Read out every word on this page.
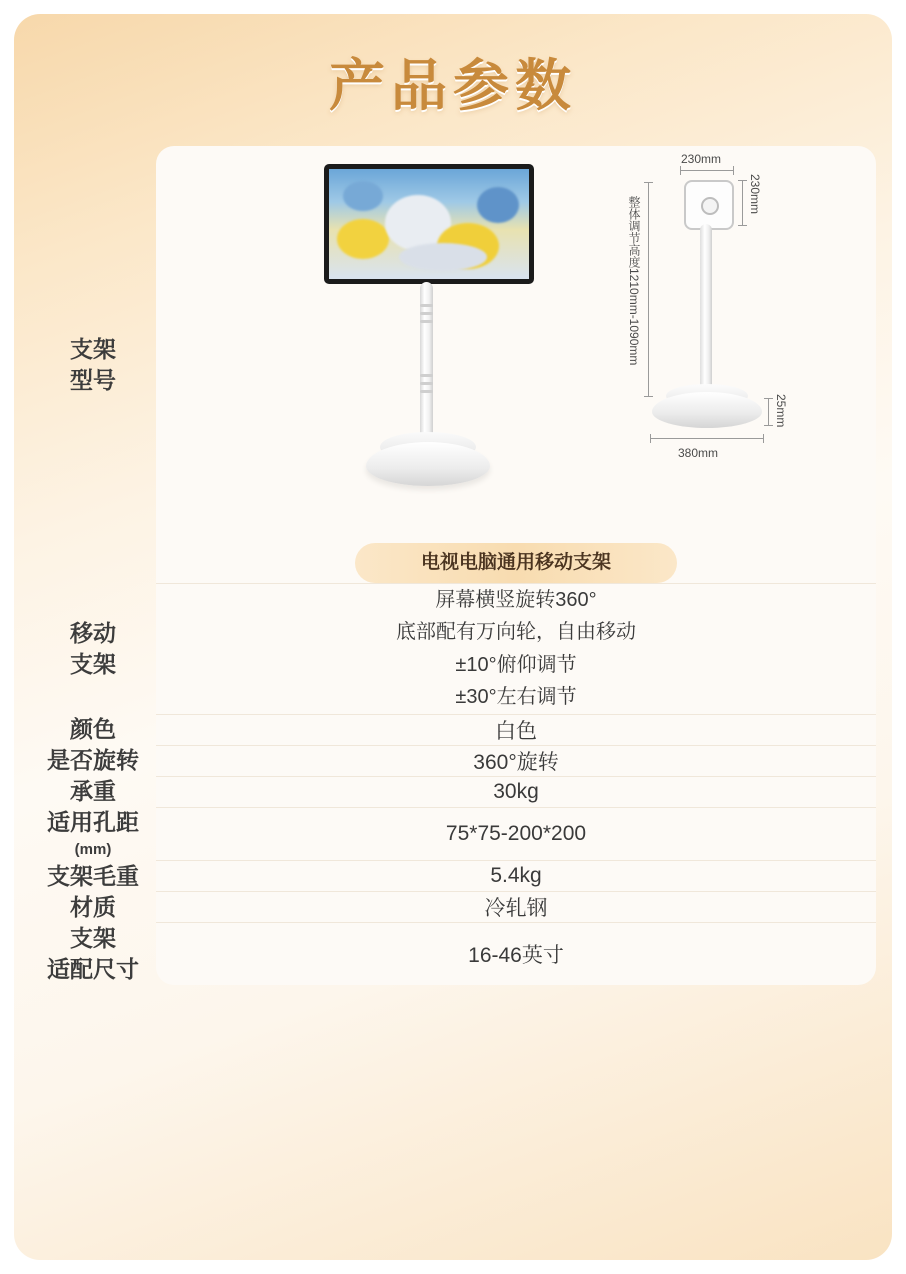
产品参数
支架
型号	
230mm
230mm
整体调节高度1210mm-1090mm
25mm
380mm
电视电脑通用移动支架

移动
支架	
屏幕横竖旋转360°
底部配有万向轮，自由移动
±10°俯仰调节
±30°左右调节

颜色	白色
是否旋转	360°旋转
承重	30kg
适用孔距
(mm)	75*75-200*200
支架毛重	5.4kg
材质	冷轧钢
支架
适配尺寸	16-46英寸
